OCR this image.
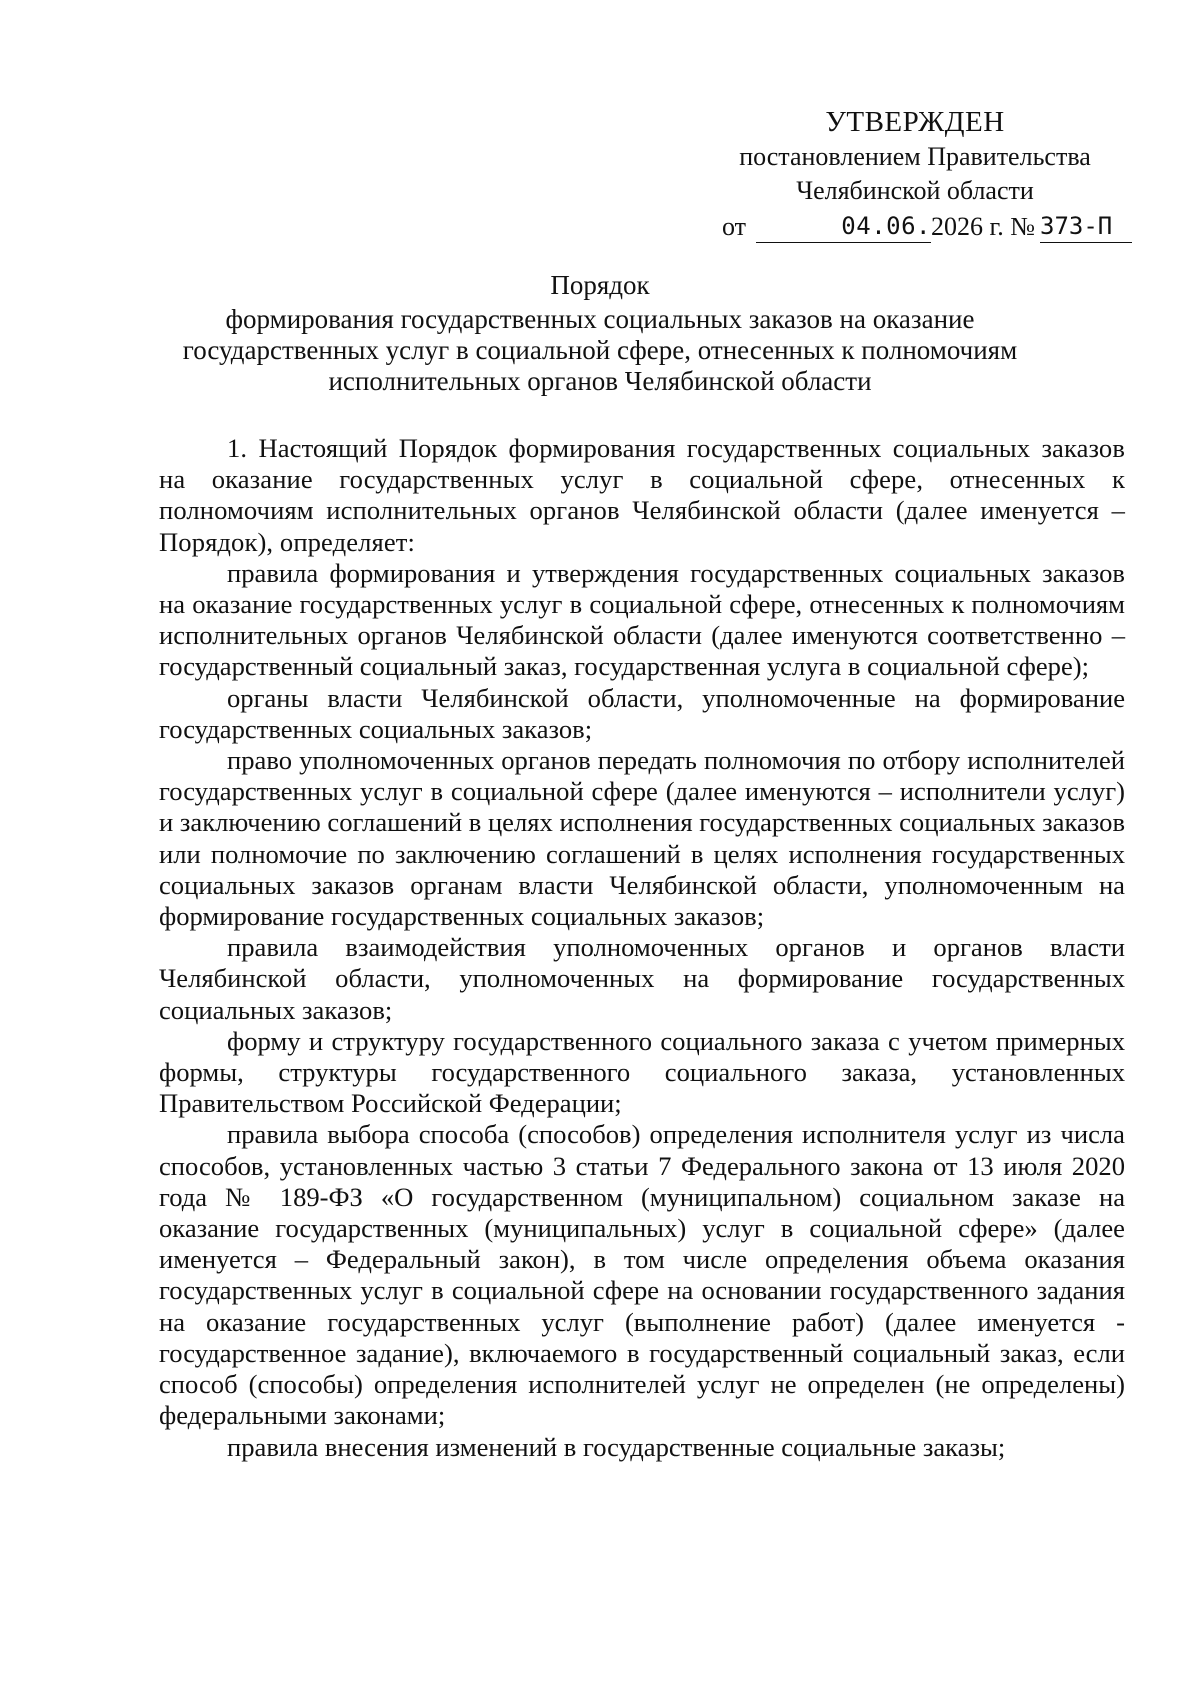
УТВЕРЖДЕН
постановлением Правительства
Челябинской области
от	04.06. 2026 г. № 373-П
Порядок
формирования государственных социальных заказов на оказание
государственных услуг в социальной сфере, отнесенных к полномочиям
исполнительных органов Челябинской области

1. Настоящий Порядок формирования государственных социальных заказов на оказание государственных услуг в социальной сфере, отнесенных к полномочиям исполнительных органов Челябинской области (далее именуется – Порядок), определяет:

правила формирования и утверждения государственных социальных заказов на оказание государственных услуг в социальной сфере, отнесенных к полномочиям исполнительных органов Челябинской области (далее именуются соответственно – государственный социальный заказ, государственная услуга в социальной сфере);

органы власти Челябинской области, уполномоченные на формирование государственных социальных заказов;

право уполномоченных органов передать полномочия по отбору исполнителей государственных услуг в социальной сфере (далее именуются – исполнители услуг) и заключению соглашений в целях исполнения государственных социальных заказов или полномочие по заключению соглашений в целях исполнения государственных социальных заказов органам власти Челябинской области, уполномоченным на формирование государственных социальных заказов;

правила взаимодействия уполномоченных органов и органов власти Челябинской области, уполномоченных на формирование государственных социальных заказов;

форму и структуру государственного социального заказа с учетом примерных формы, структуры государственного социального заказа, установленных Правительством Российской Федерации;

правила выбора способа (способов) определения исполнителя услуг из числа способов, установленных частью 3 статьи 7 Федерального закона от 13 июля 2020 года № 189-ФЗ «О государственном (муниципальном) социальном заказе на оказание государственных (муниципальных) услуг в социальной сфере» (далее именуется – Федеральный закон), в том числе определения объема оказания государственных услуг в социальной сфере на основании государственного задания на оказание государственных услуг (выполнение работ) (далее именуется - государственное задание), включаемого в государственный социальный заказ, если способ (способы) определения исполнителей услуг не определен (не определены) федеральными законами;

правила внесения изменений в государственные социальные заказы;
